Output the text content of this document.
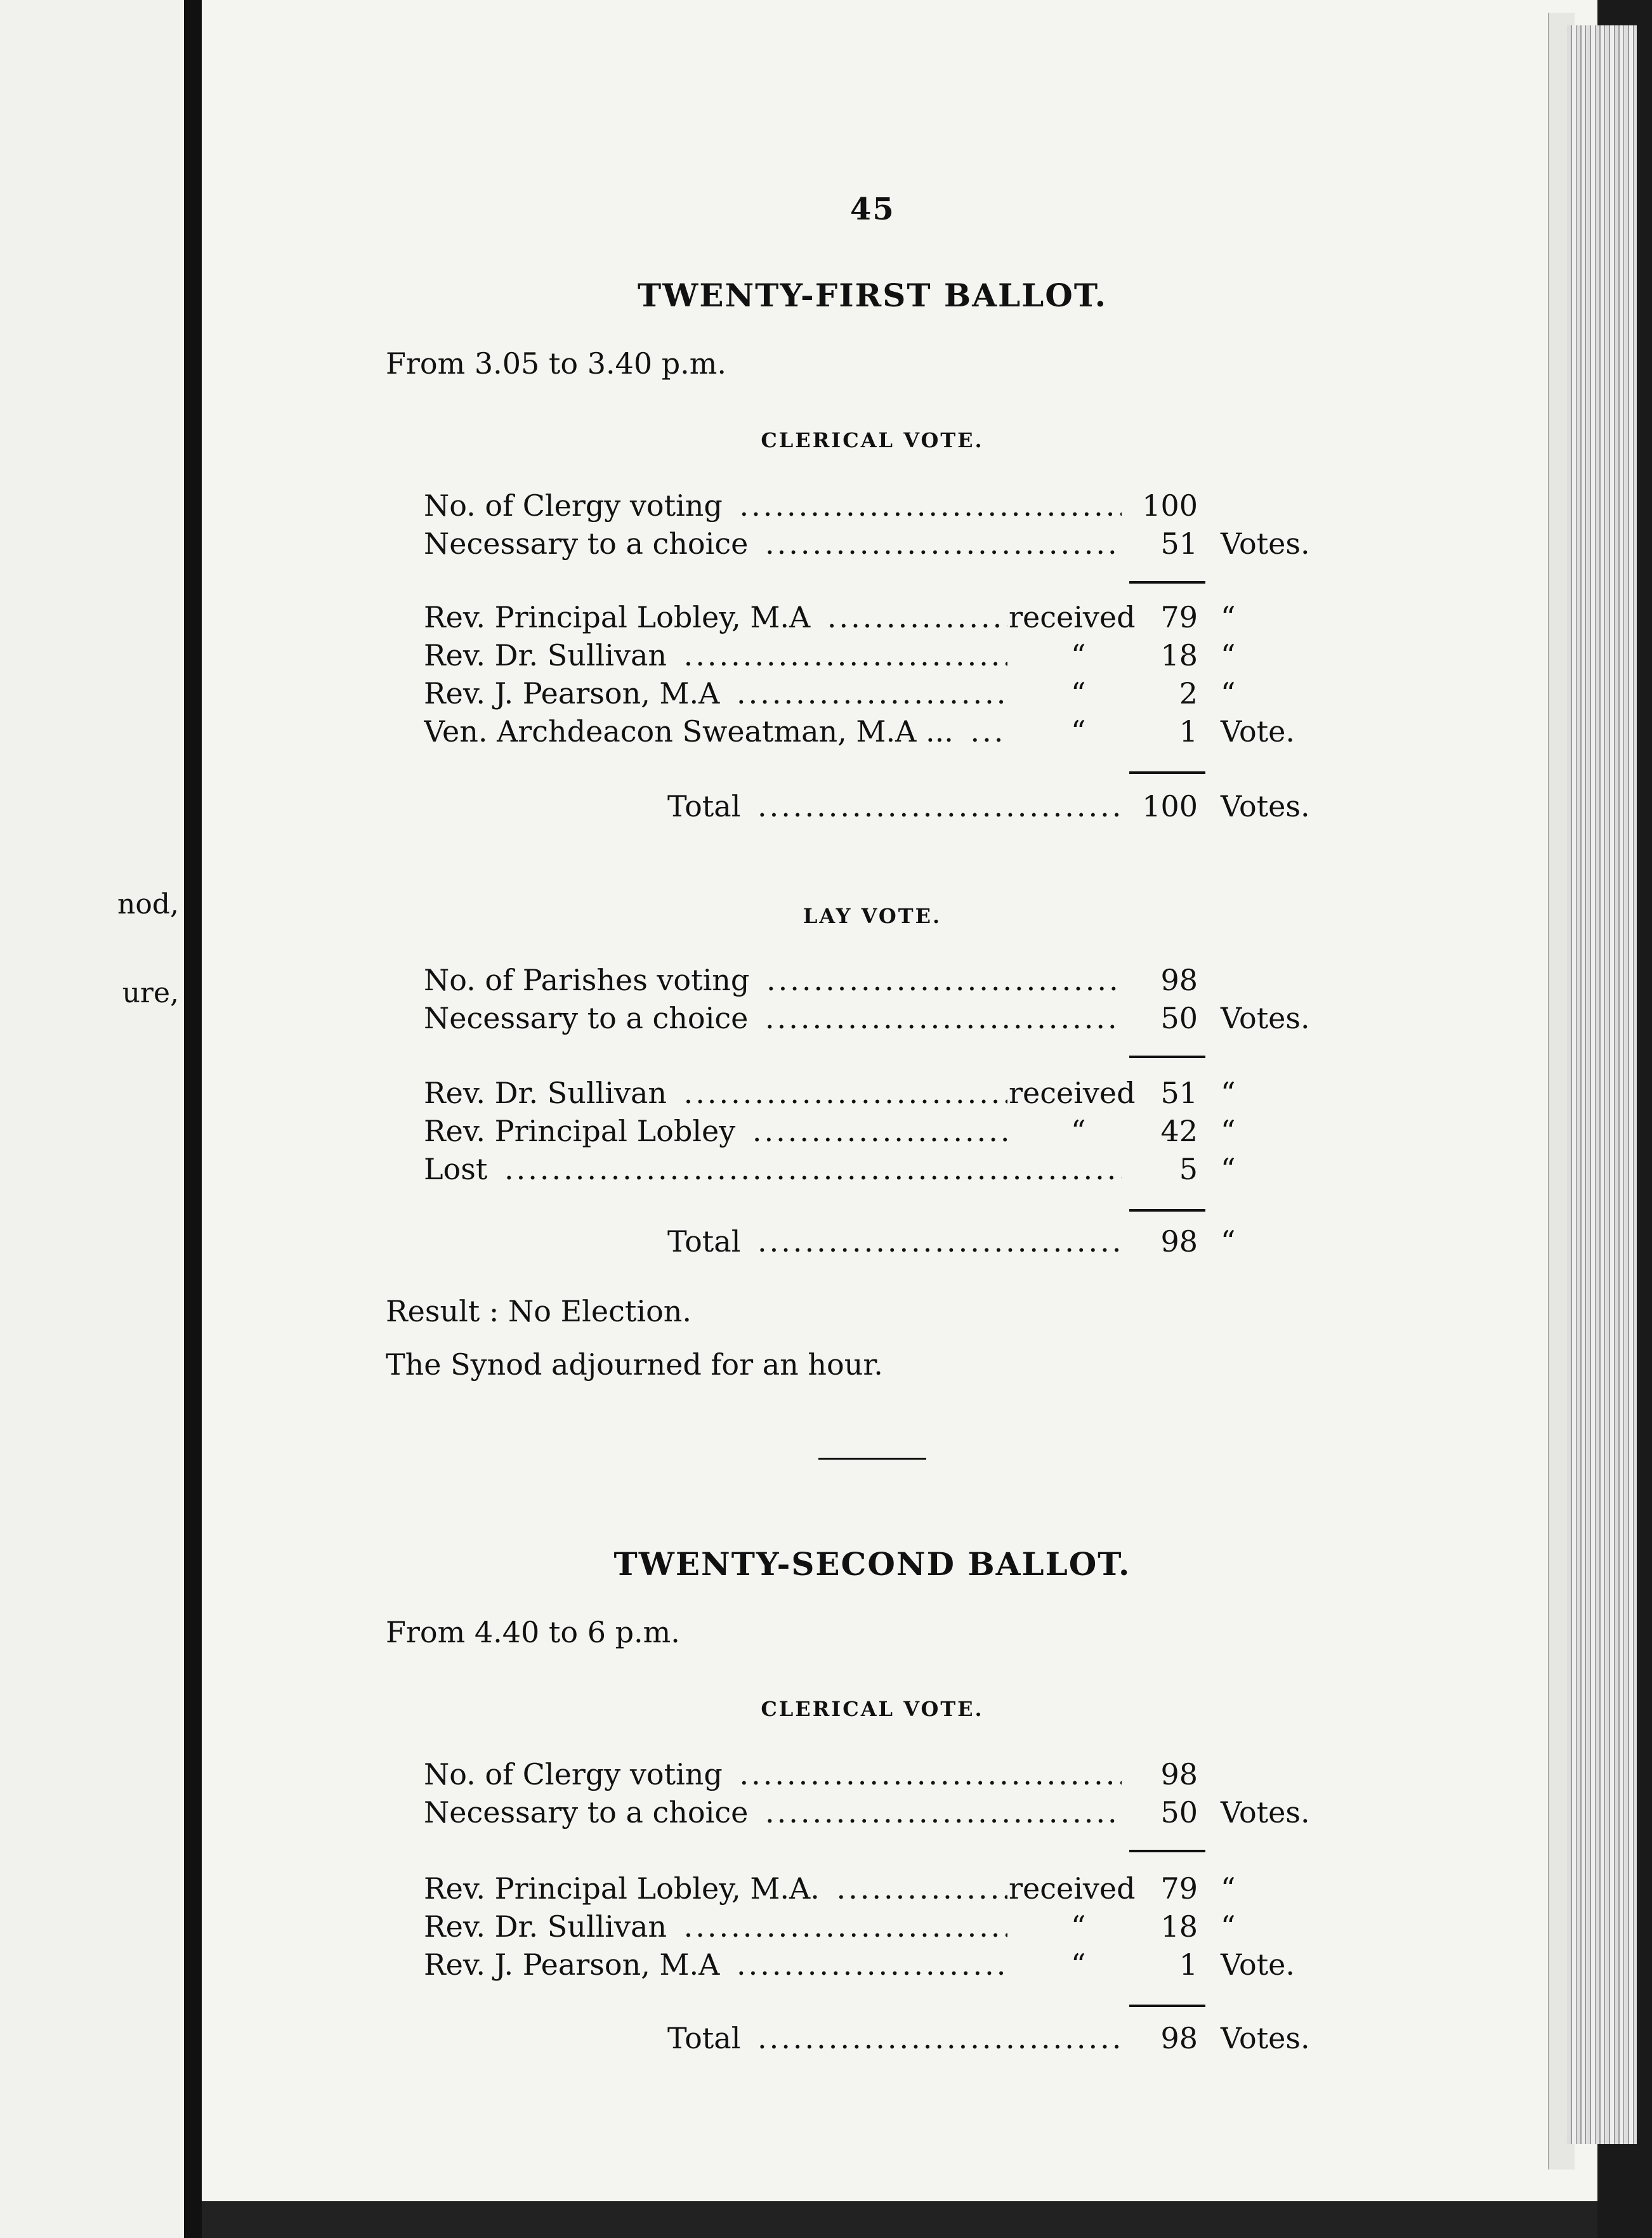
nod,
ure,
45
TWENTY-FIRST BALLOT.
From 3.05 to 3.40 p.m.
CLERICAL VOTE.
No. of Clergy voting .....	100
Necessary to a choice .....	51 Votes.
Rev. Principal Lobley, M.A .....	received 79 “
Rev. Dr. Sullivan .....	“	18 “
Rev. J. Pearson, M.A .....	“	2 “
Ven. Archdeacon Sweatman, M.A ... .....	“	1 Vote.
Total .....	100 Votes.
LAY VOTE.
No. of Parishes voting .....	98
Necessary to a choice .....	50 Votes.
Rev. Dr. Sullivan .....	received 51 “
Rev. Principal Lobley .....	“	42 “
Lost .....	5 “
Total .....	98 “
Result : No Election.
The Synod adjourned for an hour.
TWENTY-SECOND BALLOT.
From 4.40 to 6 p.m.
CLERICAL VOTE.
No. of Clergy voting .....	98
Necessary to a choice .....	50 Votes.
Rev. Principal Lobley, M.A. .....	received 79 “
Rev. Dr. Sullivan .....	“	18 “
Rev. J. Pearson, M.A .....	“	1 Vote.
Total .....	98 Votes.
